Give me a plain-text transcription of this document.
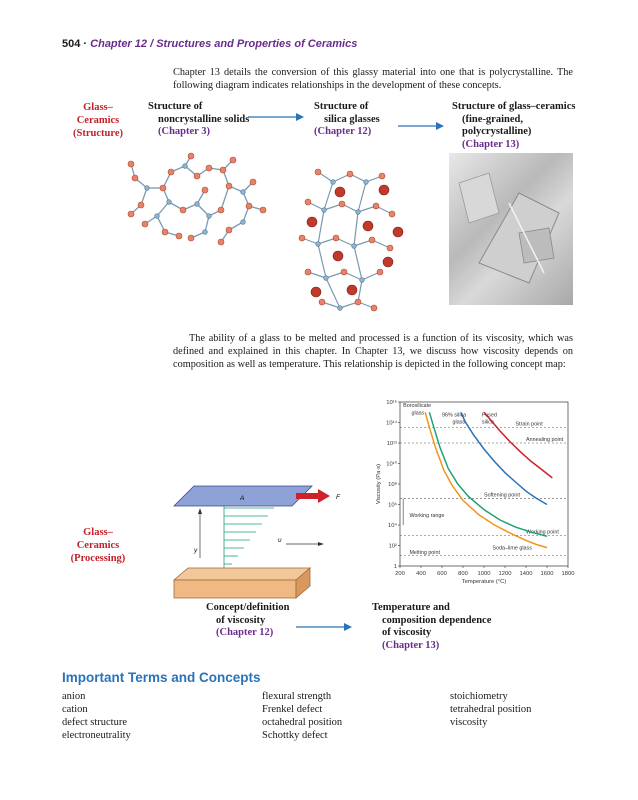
504 · Chapter 12 / Structures and Properties of Ceramics

Chapter 13 details the conversion of this glassy material into one that is polycrystalline. The following diagram indicates relationships in the development of these concepts.

Glass–Ceramics
(Structure)
Structure of
noncrystalline solids
(Chapter 3)
Structure of
silica glasses
(Chapter 12)
Structure of glass–ceramics
(fine-grained,
polycrystalline)
(Chapter 13)

The ability of a glass to be melted and processed is a function of its viscosity, which was defined and explained in this chapter. In Chapter 13, we discuss how viscosity depends on composition as well as temperature. This relationship is depicted in the following concept map:

Glass–Ceramics
(Processing)
A	F
y
υ
200 400 600 800 1000 1200 1400 1600 1800
1
10²
10⁴
10⁶
10⁸
10¹⁰
10¹²
10¹⁴
10¹⁶
Temperature (°C)
Viscosity (Pa·s)
Strain point
Annealing point
Softening point
Working point
Melting point
Working range
Borosilicate
glass	96% silica
glass
Fused
silica
Soda–lime glass
Concept/definition
of viscosity
(Chapter 12)
Temperature and
composition dependence
of viscosity
(Chapter 13)
Important Terms and Concepts
anion
cation
defect structure
electroneutrality
flexural strength
Frenkel defect
octahedral position
Schottky defect
stoichiometry
tetrahedral position
viscosity
